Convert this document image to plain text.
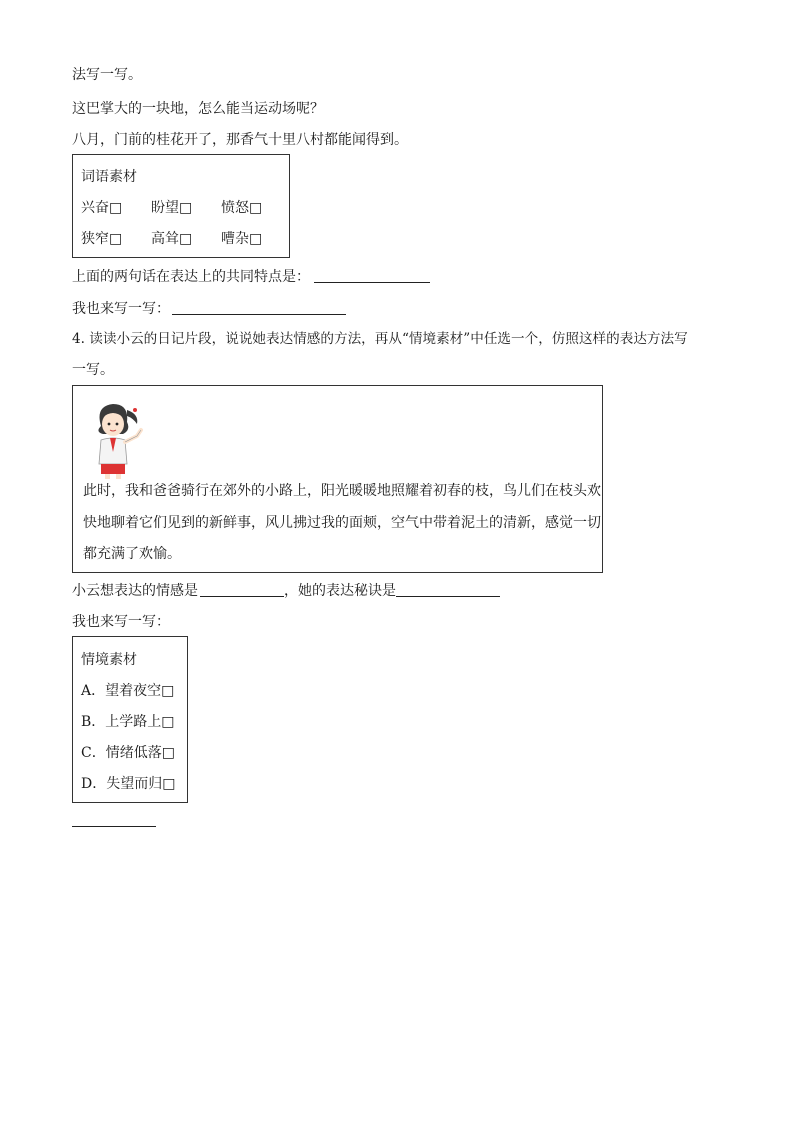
法写一写。
这巴掌大的一块地，怎么能当运动场呢？
八月，门前的桂花开了，那香气十里八村都能闻得到。
词语素材
兴奋□ 盼望□ 愤怒□
狭窄□ 高耸□ 嘈杂□
上面的两句话在表达上的共同特点是：
我也来写一写：
4. 读读小云的日记片段，说说她表达情感的方法，再从“情境素材”中任选一个，仿照这样的表达方法写
一写。
此时，我和爸爸骑行在郊外的小路上，阳光暖暖地照耀着初春的枝，鸟儿们在枝头欢
快地聊着它们见到的新鲜事，风儿拂过我的面颊，空气中带着泥土的清新，感觉一切
都充满了欢愉。
小云想表达的情感是	，她的表达秘诀是
我也来写一写：
情境素材
A．望着夜空□
B．上学路上□
C．情绪低落□
D．失望而归□
